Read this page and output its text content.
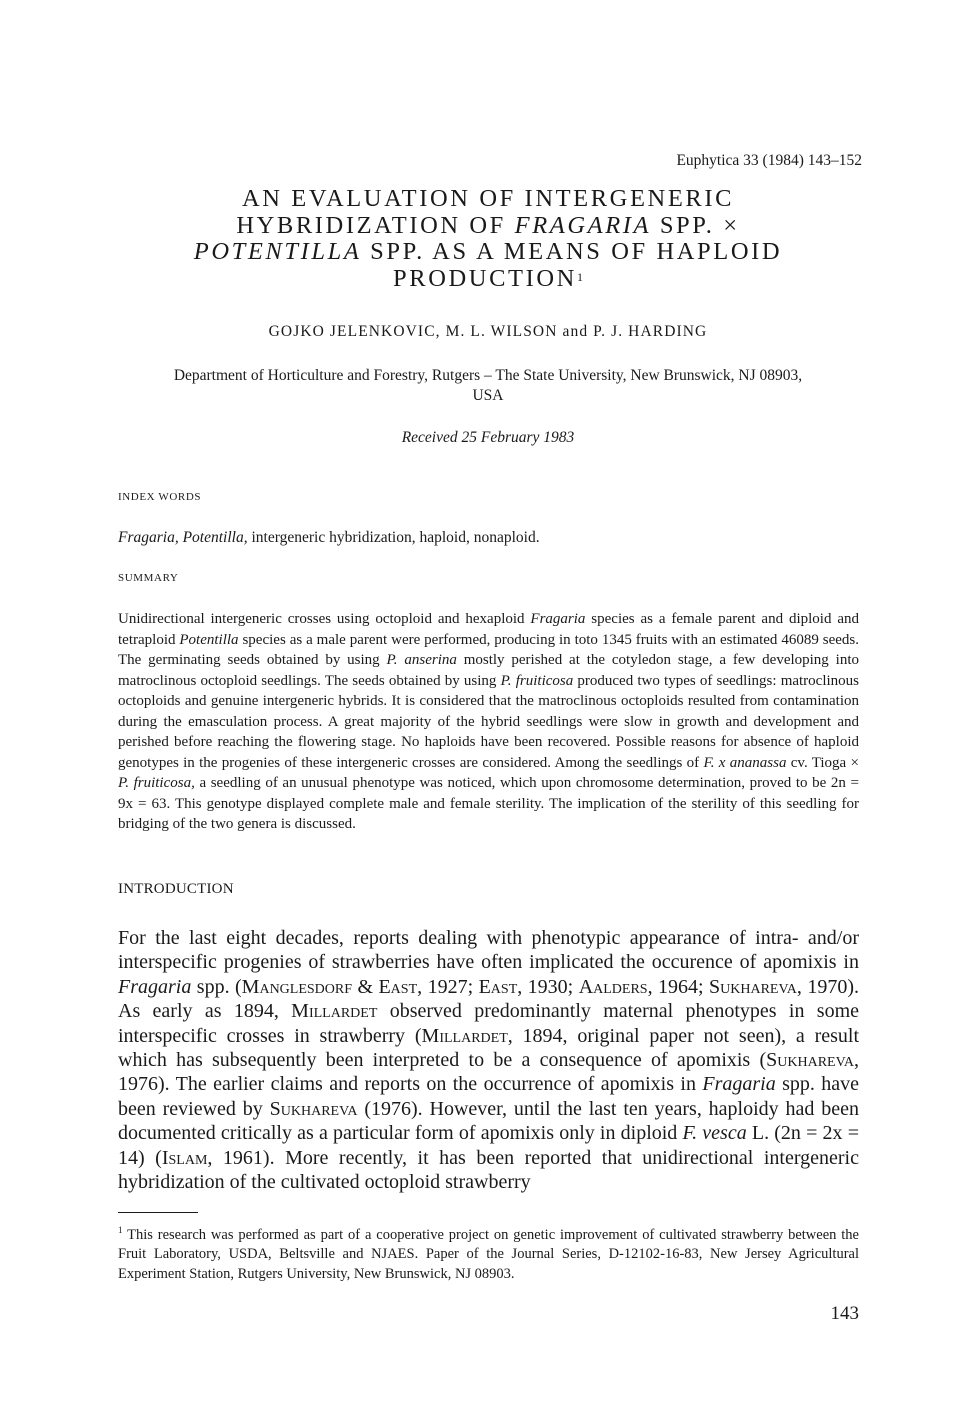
Euphytica 33 (1984) 143–152
AN EVALUATION OF INTERGENERIC
HYBRIDIZATION OF FRAGARIA SPP. ×
POTENTILLA SPP. AS A MEANS OF HAPLOID
PRODUCTION$^1$
GOJKO JELENKOVIC, M. L. WILSON and P. J. HARDING
Department of Horticulture and Forestry, Rutgers – The State University, New Brunswick, NJ 08903,
USA
Received 25 February 1983
INDEX WORDS
Fragaria, Potentilla, intergeneric hybridization, haploid, nonaploid.
SUMMARY
Unidirectional intergeneric crosses using octoploid and hexaploid Fragaria species as a female parent and diploid and tetraploid Potentilla species as a male parent were performed, producing in toto 1345 fruits with an estimated 46089 seeds. The germinating seeds obtained by using P. anserina mostly perished at the cotyledon stage, a few developing into matroclinous octoploid seedlings. The seeds obtained by using P. fruiticosa produced two types of seedlings: matroclinous octoploids and genuine intergeneric hybrids. It is considered that the matroclinous octoploids resulted from contamination during the emasculation process. A great majority of the hybrid seedlings were slow in growth and development and perished before reaching the flowering stage. No haploids have been recovered. Possible reasons for absence of haploid genotypes in the progenies of these intergeneric crosses are considered. Among the seedlings of F. x ananassa cv. Tioga × P. fruiticosa, a seedling of an unusual phenotype was noticed, which upon chromosome determination, proved to be 2n = 9x = 63. This genotype displayed complete male and female sterility. The implication of the sterility of this seedling for bridging of the two genera is discussed.
INTRODUCTION
For the last eight decades, reports dealing with phenotypic appearance of intra- and/or interspecific progenies of strawberries have often implicated the occurence of apomixis in Fragaria spp. (Manglesdorf & East, 1927; East, 1930; Aalders, 1964; Sukhareva, 1970). As early as 1894, Millardet observed predominantly maternal phenotypes in some interspecific crosses in strawberry (Millardet, 1894, original paper not seen), a result which has subsequently been interpreted to be a consequence of apomixis (Sukhareva, 1976). The earlier claims and reports on the occurrence of apomixis in Fragaria spp. have been reviewed by Sukhareva (1976). However, until the last ten years, haploidy had been documented critically as a particular form of apomixis only in diploid F. vesca L. (2n = 2x = 14) (Islam, 1961). More recently, it has been reported that unidirectional intergeneric hybridization of the cultivated octoploid strawberry
$^1$ This research was performed as part of a cooperative project on genetic improvement of cultivated strawberry between the Fruit Laboratory, USDA, Beltsville and NJAES. Paper of the Journal Series, D-12102-16-83, New Jersey Agricultural Experiment Station, Rutgers University, New Brunswick, NJ 08903.
143
